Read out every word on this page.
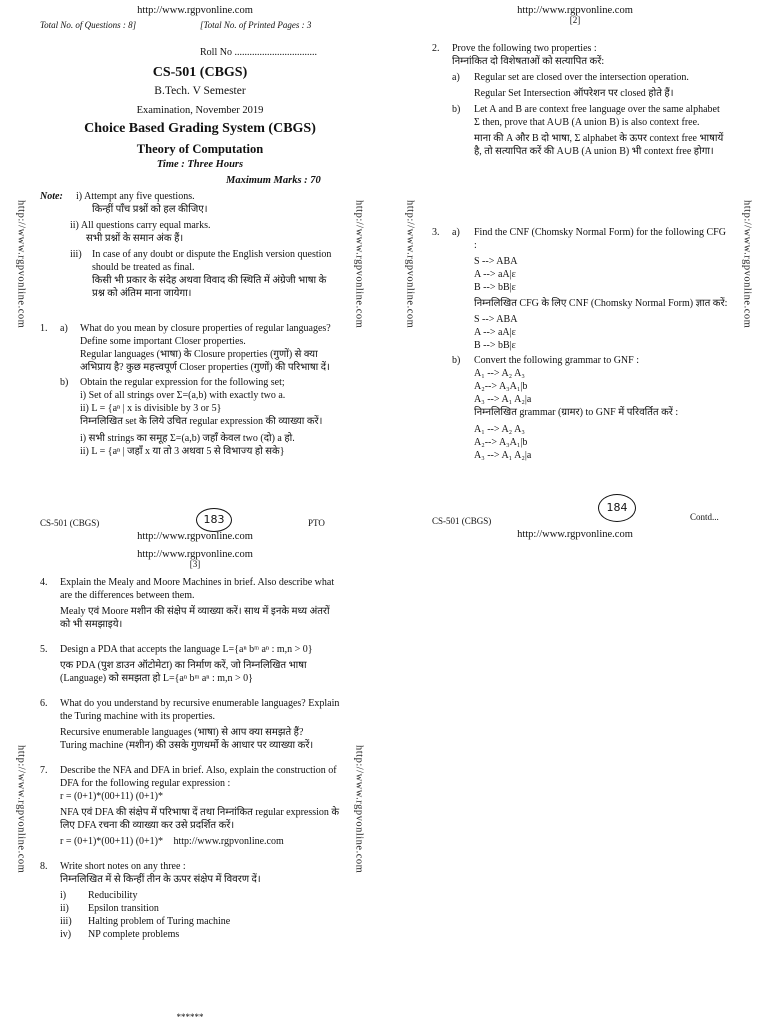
http://www.rgpvonline.com
Total No. of Questions : 8]	[Total No. of Printed Pages : 3
Roll No .................................
CS-501 (CBGS)
B.Tech. V Semester
Examination, November 2019
Choice Based Grading System (CBGS)
Theory of Computation
Time : Three Hours
Maximum Marks : 70
Note:	i) Attempt any five questions.
किन्हीं पाँच प्रश्नों को हल कीजिए।
ii) All questions carry equal marks.
सभी प्रश्नों के समान अंक हैं।
iii)	In case of any doubt or dispute the English version question should be treated as final.
किसी भी प्रकार के संदेह अथवा विवाद की स्थिति में अंग्रेजी भाषा के प्रश्न को अंतिम माना जायेगा।
1.	a)	What do you mean by closure properties of regular languages? Define some important Closer properties.
Regular languages (भाषा) के Closure properties (गुणों) से क्या अभिप्राय है? कुछ महत्त्वपूर्ण Closer properties (गुणों) की परिभाषा दें।
b)	Obtain the regular expression for the following set;
i) Set of all strings over Σ=(a,b) with exactly two a.
ii) L = {aⁿ | x is divisible by 3 or 5}
निम्नलिखित set के लिये उचित regular expression की व्याख्या करें।
i) सभी strings का समूह Σ=(a,b) जहाँ केवल two (दो) a हो.
ii) L = {aⁿ | जहाँ x या तो 3 अथवा 5 से विभाज्य हो सके}
CS-501 (CBGS)	183	PTO
http://www.rgpvonline.com
http://www.rgpvonline.com
[2]
2.	Prove the following two properties :
निम्नांकित दो विशेषताओं को सत्यापित करें:
a)	Regular set are closed over the intersection operation.
Regular Set Intersection ऑपरेशन पर closed होते हैं।
b)	Let A and B are context free language over the same alphabet Σ then, prove that A∪B (A union B) is also context free.
माना की A और B दो भाषा, Σ alphabet के ऊपर context free भाषायें है, तो सत्यापित करें की A∪B (A union B) भी context free होगा।
3.	a)	Find the CNF (Chomsky Normal Form) for the following CFG :
S --> ABA
A --> aA|ε
B --> bB|ε
निम्नलिखित CFG के लिए CNF (Chomsky Normal Form) ज्ञात करें:
S --> ABA
A --> aA|ε
B --> bB|ε
b)	Convert the following grammar to GNF :
A₁ --> A₂ A₃
A₂--> A₃A₁|b
A₃ --> A₁ A₂|a
निम्नलिखित grammar (ग्रामर) to GNF में परिवर्तित करें :
A₁ --> A₂ A₃
A₂--> A₃A₁|b
A₃ --> A₁ A₂|a
CS-501 (CBGS)
184
Contd...
http://www.rgpvonline.com
http://www.rgpvonline.com
[3]
4.	Explain the Mealy and Moore Machines in brief. Also describe what are the differences between them.
Mealy एवं Moore मशीन की संक्षेप में व्याख्या करें। साथ में इनके मध्य अंतरों को भी समझाइये।
5.	Design a PDA that accepts the language L={aⁿ bᵐ aⁿ : m,n > 0}
एक PDA (पुश डाउन ऑटोमेटा) का निर्माण करें, जो निम्नलिखित भाषा (Language) को समझता हो L={aⁿ bᵐ aⁿ : m,n > 0}
6.	What do you understand by recursive enumerable languages? Explain the Turing machine with its properties.
Recursive enumerable languages (भाषा) से आप क्या समझते हैं?
Turing machine (मशीन) की उसके गुणधर्मो के आधार पर व्याख्या करें।
7.	Describe the NFA and DFA in brief. Also, explain the construction of DFA for the following regular expression :
r = (0+1)*(00+11) (0+1)*
NFA एवं DFA की संक्षेप में परिभाषा दें तथा निम्नांकित regular expression के लिए DFA रचना की व्याख्या कर उसे प्रदर्शित करें।
r = (0+1)*(00+11) (0+1)* http://www.rgpvonline.com
8.	Write short notes on any three :
निम्नलिखित में से किन्हीं तीन के ऊपर संक्षेप में विवरण दें।
i)	Reducibility
ii)	Epsilon transition
iii)	Halting problem of Turing machine
iv)	NP complete problems
******
http://www.rgpvonline.com	http://www.rgpvonline.com	http://www.rgpvonline.com	http://www.rgpvonline.com
http://www.rgpvonline.com	http://www.rgpvonline.com
